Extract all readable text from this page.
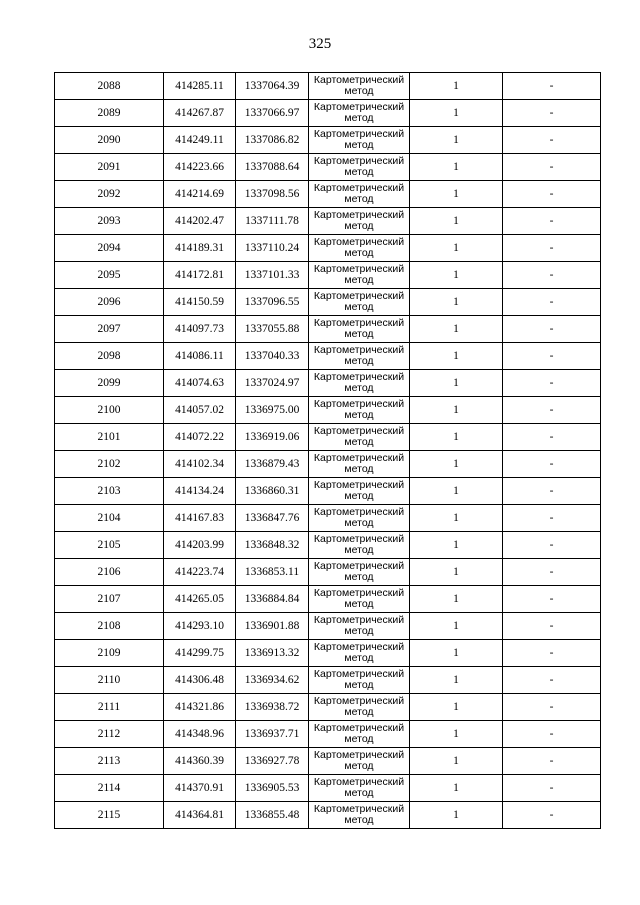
325
2088	414285.11	1337064.39	Картометрический метод	1	-
2089	414267.87	1337066.97	Картометрический метод	1	-
2090	414249.11	1337086.82	Картометрический метод	1	-
2091	414223.66	1337088.64	Картометрический метод	1	-
2092	414214.69	1337098.56	Картометрический метод	1	-
2093	414202.47	1337111.78	Картометрический метод	1	-
2094	414189.31	1337110.24	Картометрический метод	1	-
2095	414172.81	1337101.33	Картометрический метод	1	-
2096	414150.59	1337096.55	Картометрический метод	1	-
2097	414097.73	1337055.88	Картометрический метод	1	-
2098	414086.11	1337040.33	Картометрический метод	1	-
2099	414074.63	1337024.97	Картометрический метод	1	-
2100	414057.02	1336975.00	Картометрический метод	1	-
2101	414072.22	1336919.06	Картометрический метод	1	-
2102	414102.34	1336879.43	Картометрический метод	1	-
2103	414134.24	1336860.31	Картометрический метод	1	-
2104	414167.83	1336847.76	Картометрический метод	1	-
2105	414203.99	1336848.32	Картометрический метод	1	-
2106	414223.74	1336853.11	Картометрический метод	1	-
2107	414265.05	1336884.84	Картометрический метод	1	-
2108	414293.10	1336901.88	Картометрический метод	1	-
2109	414299.75	1336913.32	Картометрический метод	1	-
2110	414306.48	1336934.62	Картометрический метод	1	-
2111	414321.86	1336938.72	Картометрический метод	1	-
2112	414348.96	1336937.71	Картометрический метод	1	-
2113	414360.39	1336927.78	Картометрический метод	1	-
2114	414370.91	1336905.53	Картометрический метод	1	-
2115	414364.81	1336855.48	Картометрический метод	1	-
